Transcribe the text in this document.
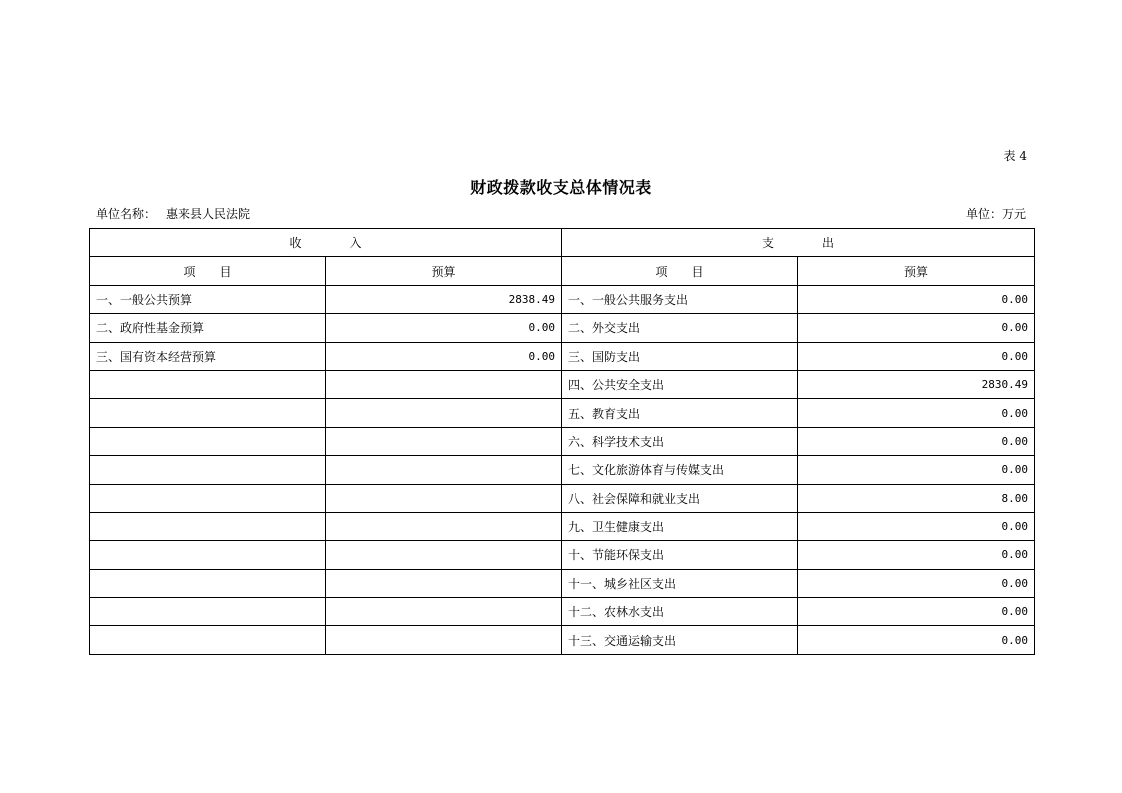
表 4
财政拨款收支总体情况表
单位名称： 惠来县人民法院	单位：万元
收　　　　入		支　　　　出	
项　　目	预算	项　　目	预算
一、一般公共预算	2838.49	一、一般公共服务支出	0.00
二、政府性基金预算	0.00	二、外交支出	0.00
三、国有资本经营预算	0.00	三、国防支出	0.00
		四、公共安全支出	2830.49
		五、教育支出	0.00
		六、科学技术支出	0.00
		七、文化旅游体育与传媒支出	0.00
		八、社会保障和就业支出	8.00
		九、卫生健康支出	0.00
		十、节能环保支出	0.00
		十一、城乡社区支出	0.00
		十二、农林水支出	0.00
		十三、交通运输支出	0.00
